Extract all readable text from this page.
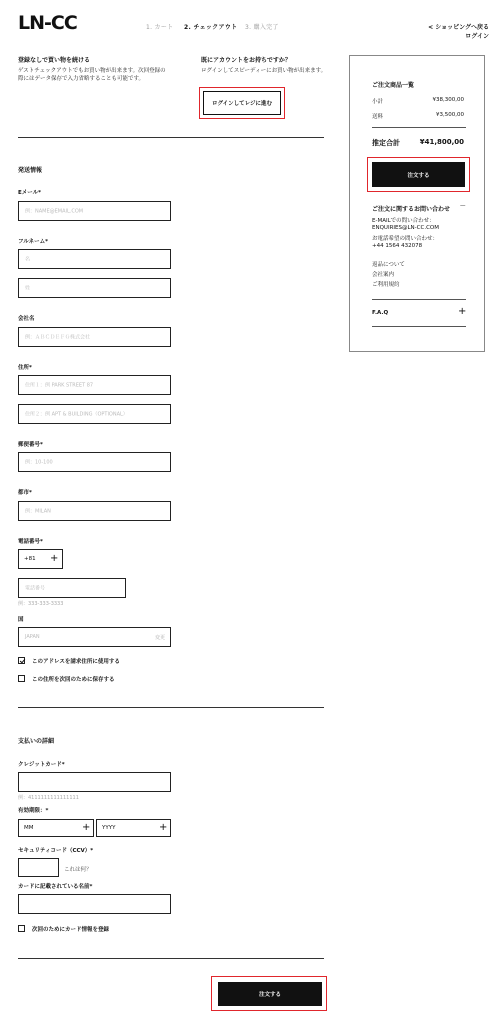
LN-CC	1. カート 2. チェックアウト 3. 購入完了	< ショッピングへ戻る
ログイン
登録なしで買い物を続ける
ゲストチェックアウトでもお買い物が出来ます。次回登録の際にはデータ保存で入力省略することも可能です。
既にアカウントをお持ちですか？
ログインしてスピーディーにお買い物が出来ます。
ログインしてレジに進む
発送情報
Eメール*
例：NAME@EMAIL.COM
フルネーム*
名
姓
会社名
例：ＡＢＣＤＥＦＧ株式会社
住所*
住所１：例 PARK STREET 87
住所２：例 APT & BUILDING（OPTIONAL）
郵便番号*
例：10-100
都市*
例：MILAN
電話番号*
+81 +
電話番号
例：333-333-3333
国
JAPAN	変更
このアドレスを請求住所に使用する
この住所を次回のために保存する
支払いの詳細
クレジットカード*
例：4111111111111111
有効期限：*
MM	+ YYYY	+
セキュリティコード（CCV）*
これは何？
カードに記載されている名前*
次回のためにカード情報を登録
注文する
ご注文商品一覧
小計	¥38,300,00
送料	¥3,500,00
推定合計	¥41,800,00
注文する
ご注文に関するお問い合わせ —
E-MAILでの問い合わせ：
ENQUIRIES@LN-CC.COM
お電話希望の問い合わせ：
+44 1564 432078
返品について
会社案内
ご利用規約
F.A.Q	+
